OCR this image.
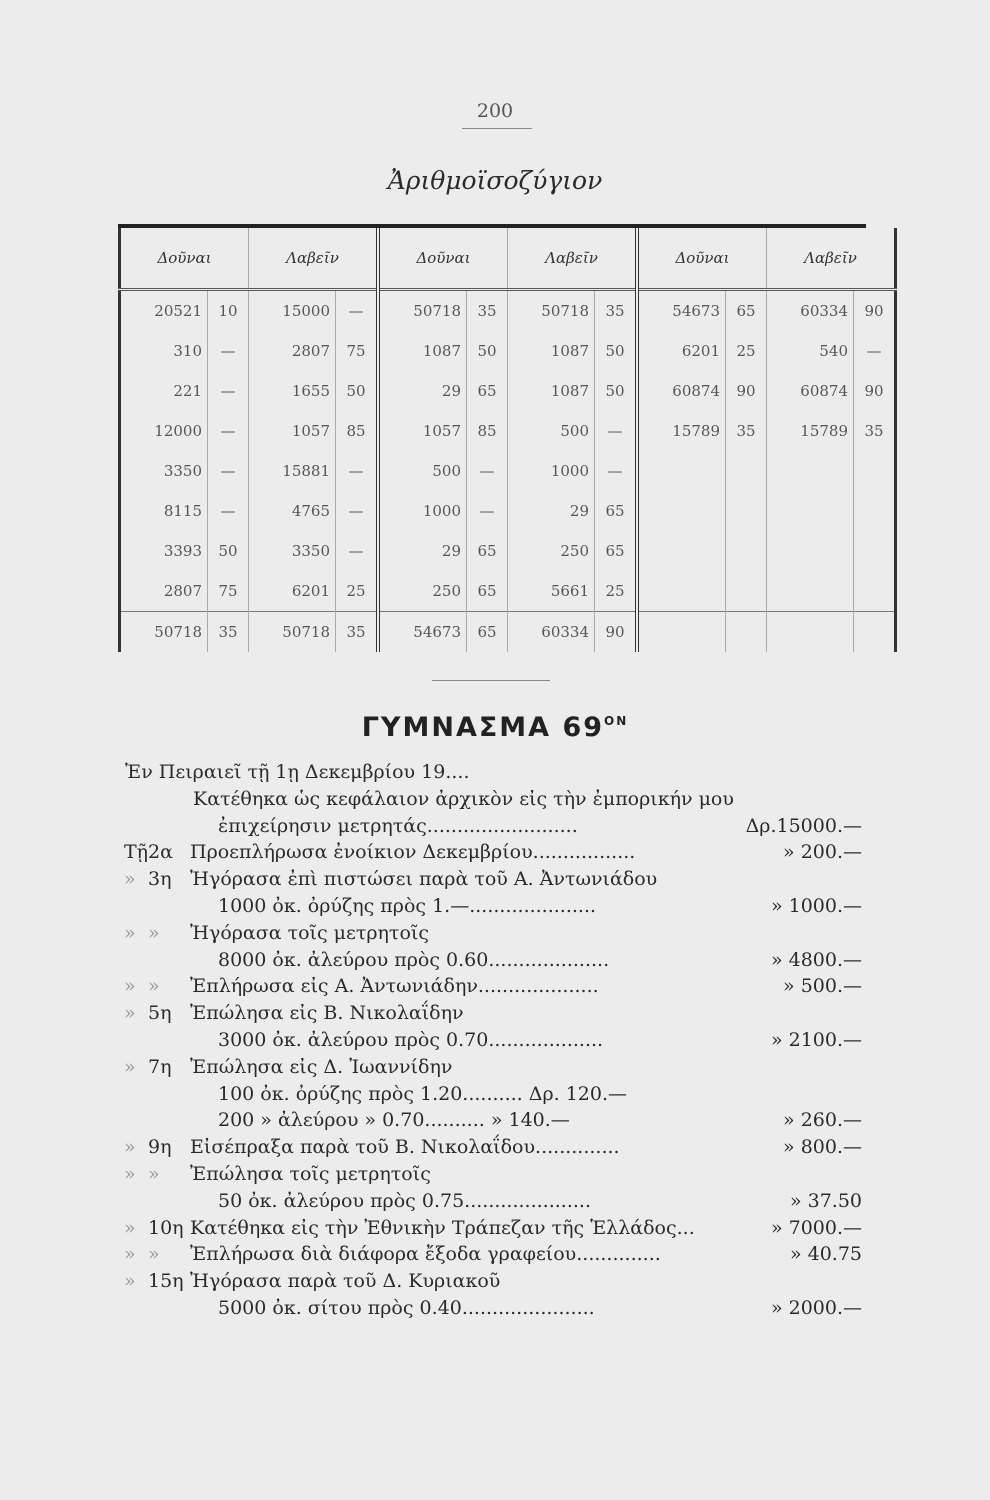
200
Ἀριθμοϊσοζύγιον
Δοῦναι		Λαβεῖν		Δοῦναι		Λαβεῖν		Δοῦναι		Λαβεῖν	
20521	10	15000	—	50718	35	50718	35	54673	65	60334	90
310	—	2807	75	1087	50	1087	50	6201	25	540	—
221	—	1655	50	29	65	1087	50	60874	90	60874	90
12000	—	1057	85	1057	85	500	—	15789	35	15789	35
3350	—	15881	—	500	—	1000	—				
8115	—	4765	—	1000	—	29	65				
3393	50	3350	—	29	65	250	65				
2807	75	6201	25	250	65	5661	25				
50718	35	50718	35	54673	65	60334	90				
ΓΥΜΝΑΣΜΑ $69^{ON}$
Ἐν Πειραιεῖ τῇ 1ῃ Δεκεμβρίου 19....
Κατέθηκα ὡς κεφάλαιον ἀρχικὸν εἰς τὴν ἐμπορικήν μου
ἐπιχείρησιν μετρητάς.........................	Δρ.15000.—
Τῇ 2α Προεπλήρωσα ἐνοίκιον Δεκεμβρίου.................	» 200.—
» 3η Ἠγόρασα ἐπὶ πιστώσει παρὰ τοῦ Α. Ἀντωνιάδου
1000 ὀκ. ὀρύζης πρὸς 1.—.....................	» 1000.—
» » Ἠγόρασα τοῖς μετρητοῖς
8000 ὀκ. ἀλεύρου πρὸς 0.60....................	» 4800.—
» » Ἐπλήρωσα εἰς Α. Ἀντωνιάδην....................	» 500.—
» 5η Ἐπώλησα εἰς Β. Νικολαΐδην
3000 ὀκ. ἀλεύρου πρὸς 0.70...................	» 2100.—
» 7η Ἐπώλησα εἰς Δ. Ἰωαννίδην
100 ὀκ. ὀρύζης πρὸς 1.20.......... Δρ. 120.—
200 » ἀλεύρου » 0.70.......... » 140.—	» 260.—
» 9η Εἰσέπραξα παρὰ τοῦ Β. Νικολαΐδου..............	» 800.—
» » Ἐπώλησα τοῖς μετρητοῖς
50 ὀκ. ἀλεύρου πρὸς 0.75.....................	» 37.50
» 10η Κατέθηκα εἰς τὴν Ἐθνικὴν Τράπεζαν τῆς Ἑλλάδος...	» 7000.—
» » Ἐπλήρωσα διὰ διάφορα ἔξοδα γραφείου..............	» 40.75
» 15η Ἠγόρασα παρὰ τοῦ Δ. Κυριακοῦ
5000 ὀκ. σίτου πρὸς 0.40......................	» 2000.—
